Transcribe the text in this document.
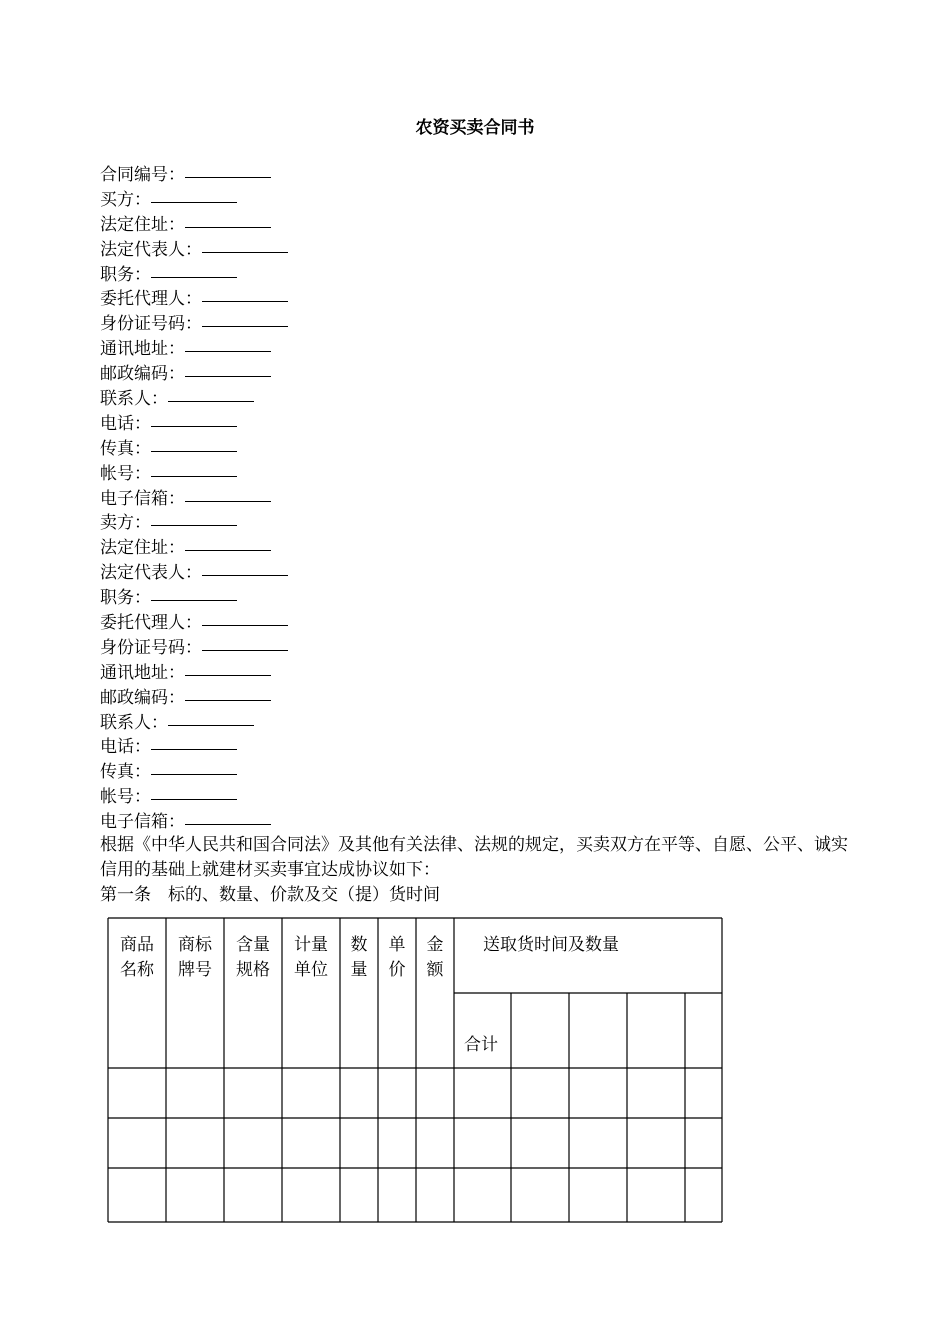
农资买卖合同书
合同编号：
买方：
法定住址：
法定代表人：
职务：
委托代理人：
身份证号码：
通讯地址：
邮政编码：
联系人：
电话：
传真：
帐号：
电子信箱：
卖方：
法定住址：
法定代表人：
职务：
委托代理人：
身份证号码：
通讯地址：
邮政编码：
联系人：
电话：
传真：
帐号：
电子信箱：
根据《中华人民共和国合同法》及其他有关法律、法规的规定，买卖双方在平等、自愿、公平、诚实信用的基础上就建材买卖事宜达成协议如下：
第一条　标的、数量、价款及交（提）货时间
商品
名称
商标
牌号
含量
规格
计量
单位
数
量
单
价
金
额
送取货时间及数量
合计
